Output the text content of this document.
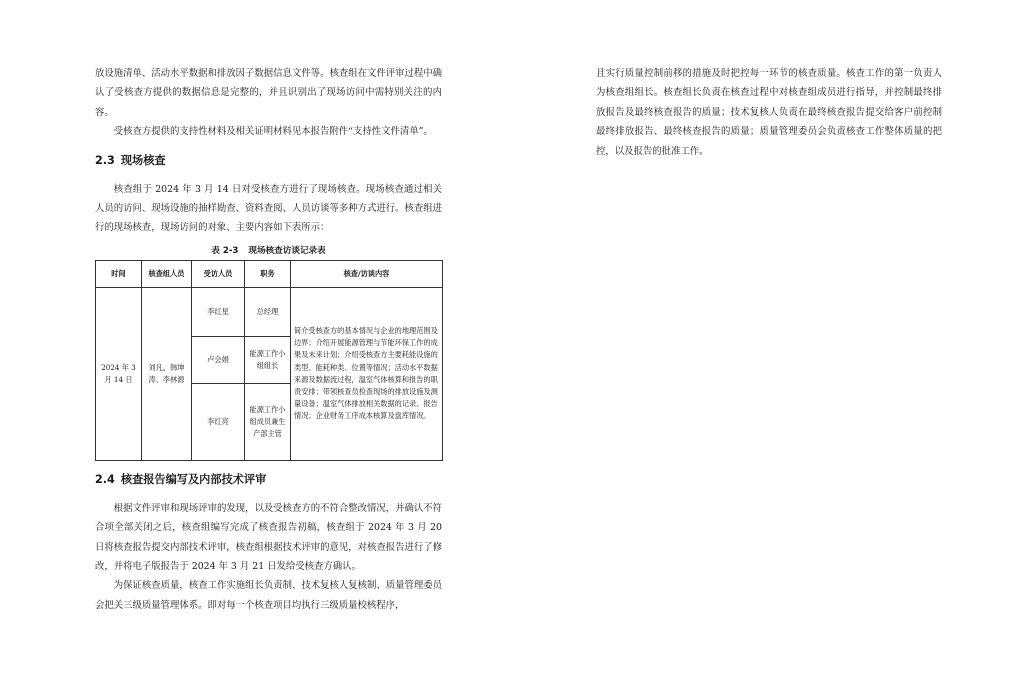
放设施清单、活动水平数据和排放因子数据信息文件等。核查组在文件评审过程中确认了受核查方提供的数据信息是完整的，并且识别出了现场访问中需特别关注的内容。

受核查方提供的支持性材料及相关证明材料见本报告附件“支持性文件清单”。

2.3 现场核查

核查组于 2024 年 3 月 14 日对受核查方进行了现场核查。现场核查通过相关人员的访问、现场设施的抽样勘查、资料查阅、人员访谈等多种方式进行。核查组进行的现场核查，现场访问的对象、主要内容如下表所示：

表 2-3 现场核查访谈记录表
时间	核查组人员	受访人员	职务	核查/访谈内容
2024 年 3 月 14 日	刘凡、韩坤涛、李林源	李红星	总经理	简介受核查方的基本情况与企业的地理范围及边界；介绍开展能源管理与节能环保工作的成果及未来计划；介绍受核查方主要耗能设施的类型、能耗种类、位置等情况；活动水平数据来源及数据流过程，温室气体核算和报告的职责安排；带领核查员检查现场的排放设施及测量设备；温室气体排放相关数据的记录、报告情况；企业财务工序成本核算及盘库情况。
		卢会娟	能源工作小组组长	
		李红亮	能源工作小组成员兼生产部主管	
2.4 核查报告编写及内部技术评审

根据文件评审和现场评审的发现，以及受核查方的不符合整改情况，并确认不符合项全部关闭之后，核查组编写完成了核查报告初稿，核查组于 2024 年 3 月 20 日将核查报告提交内部技术评审，核查组根据技术评审的意见，对核查报告进行了修改，并将电子版报告于 2024 年 3 月 21 日发给受核查方确认。

为保证核查质量，核查工作实施组长负责制、技术复核人复核制、质量管理委员会把关三级质量管理体系。即对每一个核查项目均执行三级质量校核程序，

且实行质量控制前移的措施及时把控每一环节的核查质量。核查工作的第一负责人为核查组组长。核查组长负责在核查过程中对核查组成员进行指导，并控制最终排放报告及最终核查报告的质量；技术复核人负责在最终核查报告提交给客户前控制最终排放报告、最终核查报告的质量；质量管理委员会负责核查工作整体质量的把控，以及报告的批准工作。
